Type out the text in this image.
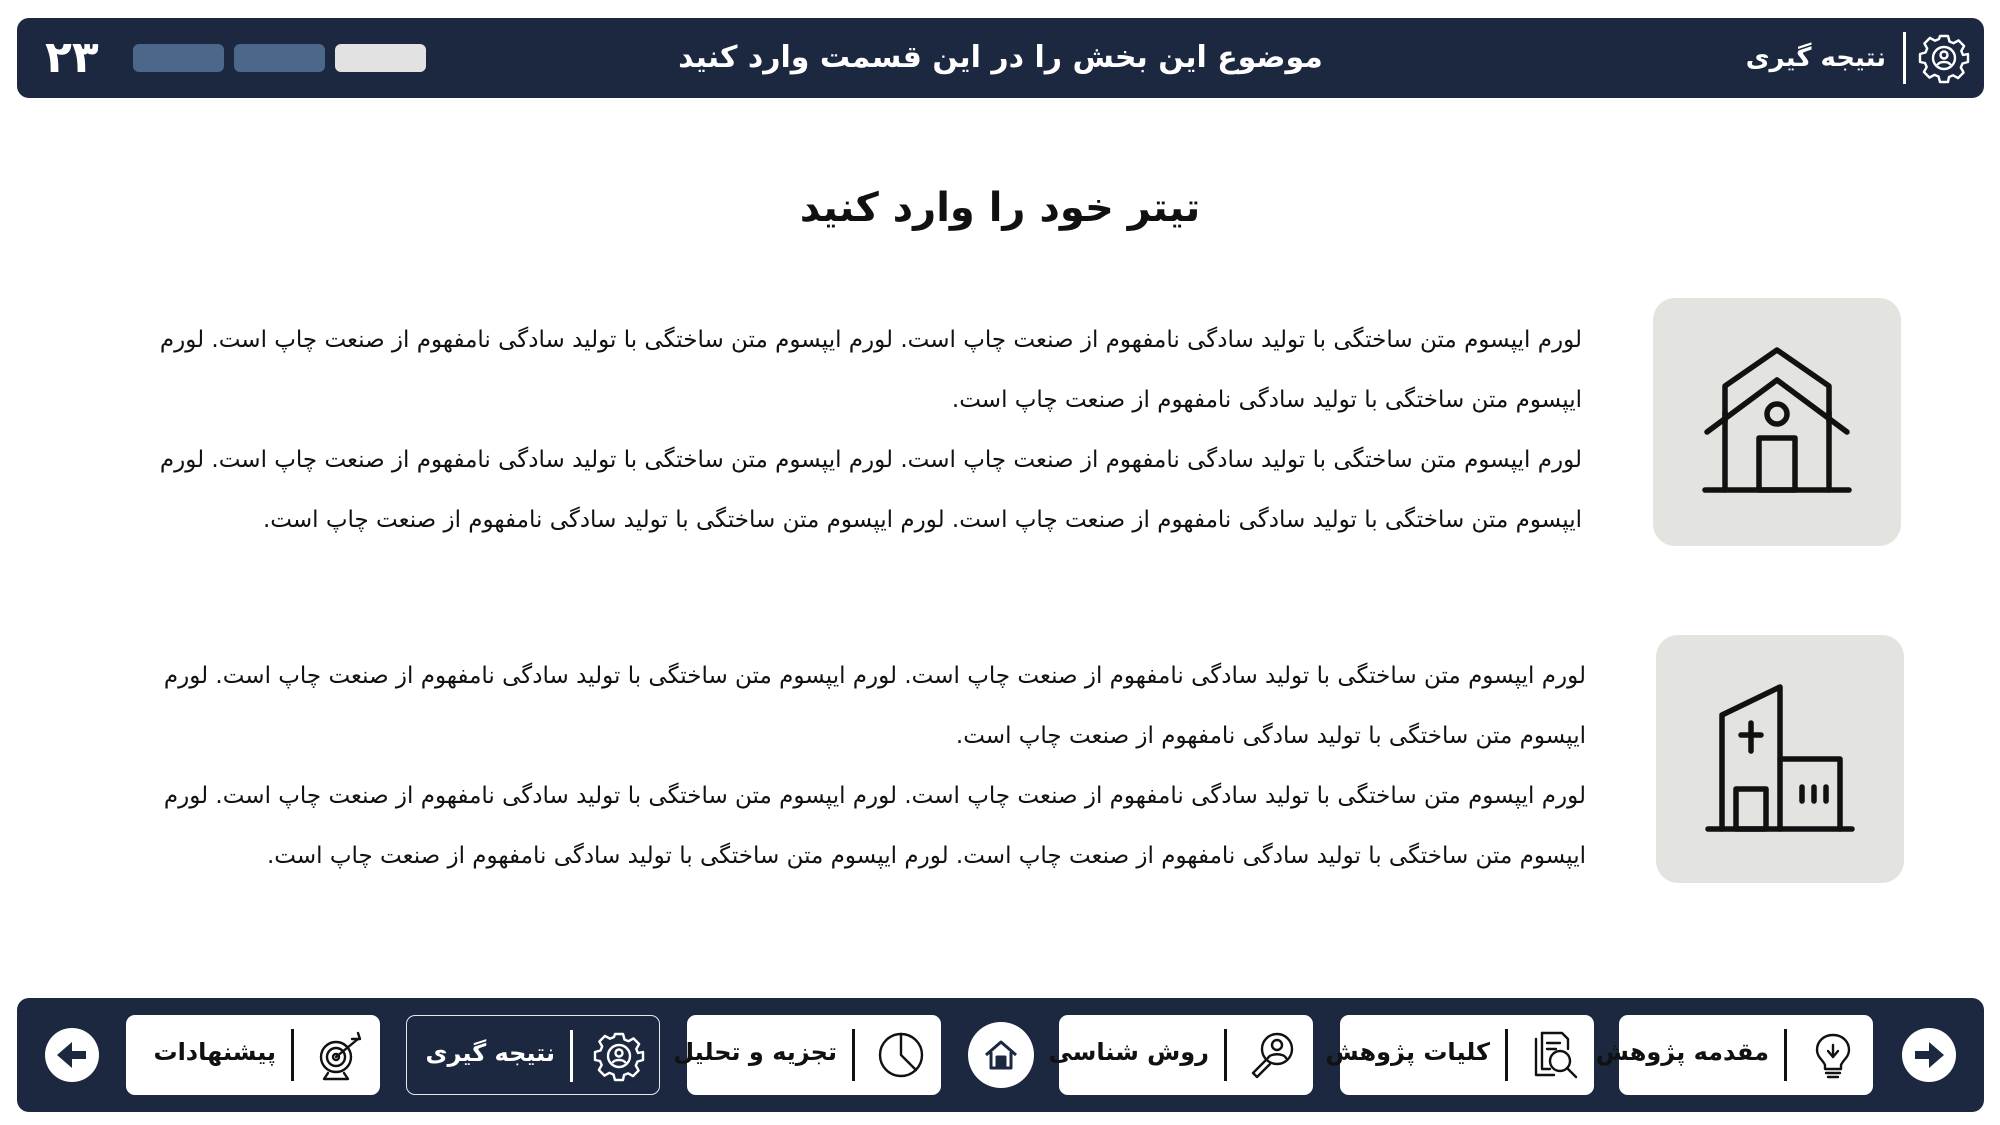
نتیجه گیری
موضوع این بخش را در این قسمت وارد کنید
۲۳
تیتر خود را وارد کنید

لورم ایپسوم متن ساختگی با تولید سادگی نامفهوم از صنعت چاپ است. لورم ایپسوم متن ساختگی با تولید سادگی نامفهوم از صنعت چاپ است. لورم ایپسوم متن ساختگی با تولید سادگی نامفهوم از صنعت چاپ است.

لورم ایپسوم متن ساختگی با تولید سادگی نامفهوم از صنعت چاپ است. لورم ایپسوم متن ساختگی با تولید سادگی نامفهوم از صنعت چاپ است. لورم ایپسوم متن ساختگی با تولید سادگی نامفهوم از صنعت چاپ است. لورم ایپسوم متن ساختگی با تولید سادگی نامفهوم از صنعت چاپ است.

لورم ایپسوم متن ساختگی با تولید سادگی نامفهوم از صنعت چاپ است. لورم ایپسوم متن ساختگی با تولید سادگی نامفهوم از صنعت چاپ است. لورم ایپسوم متن ساختگی با تولید سادگی نامفهوم از صنعت چاپ است.

لورم ایپسوم متن ساختگی با تولید سادگی نامفهوم از صنعت چاپ است. لورم ایپسوم متن ساختگی با تولید سادگی نامفهوم از صنعت چاپ است. لورم ایپسوم متن ساختگی با تولید سادگی نامفهوم از صنعت چاپ است. لورم ایپسوم متن ساختگی با تولید سادگی نامفهوم از صنعت چاپ است.

مقدمه پژوهش
کلیات پژوهش
روش شناسی
تجزیه و تحلیل
نتیجه گیری
پیشنهادات
